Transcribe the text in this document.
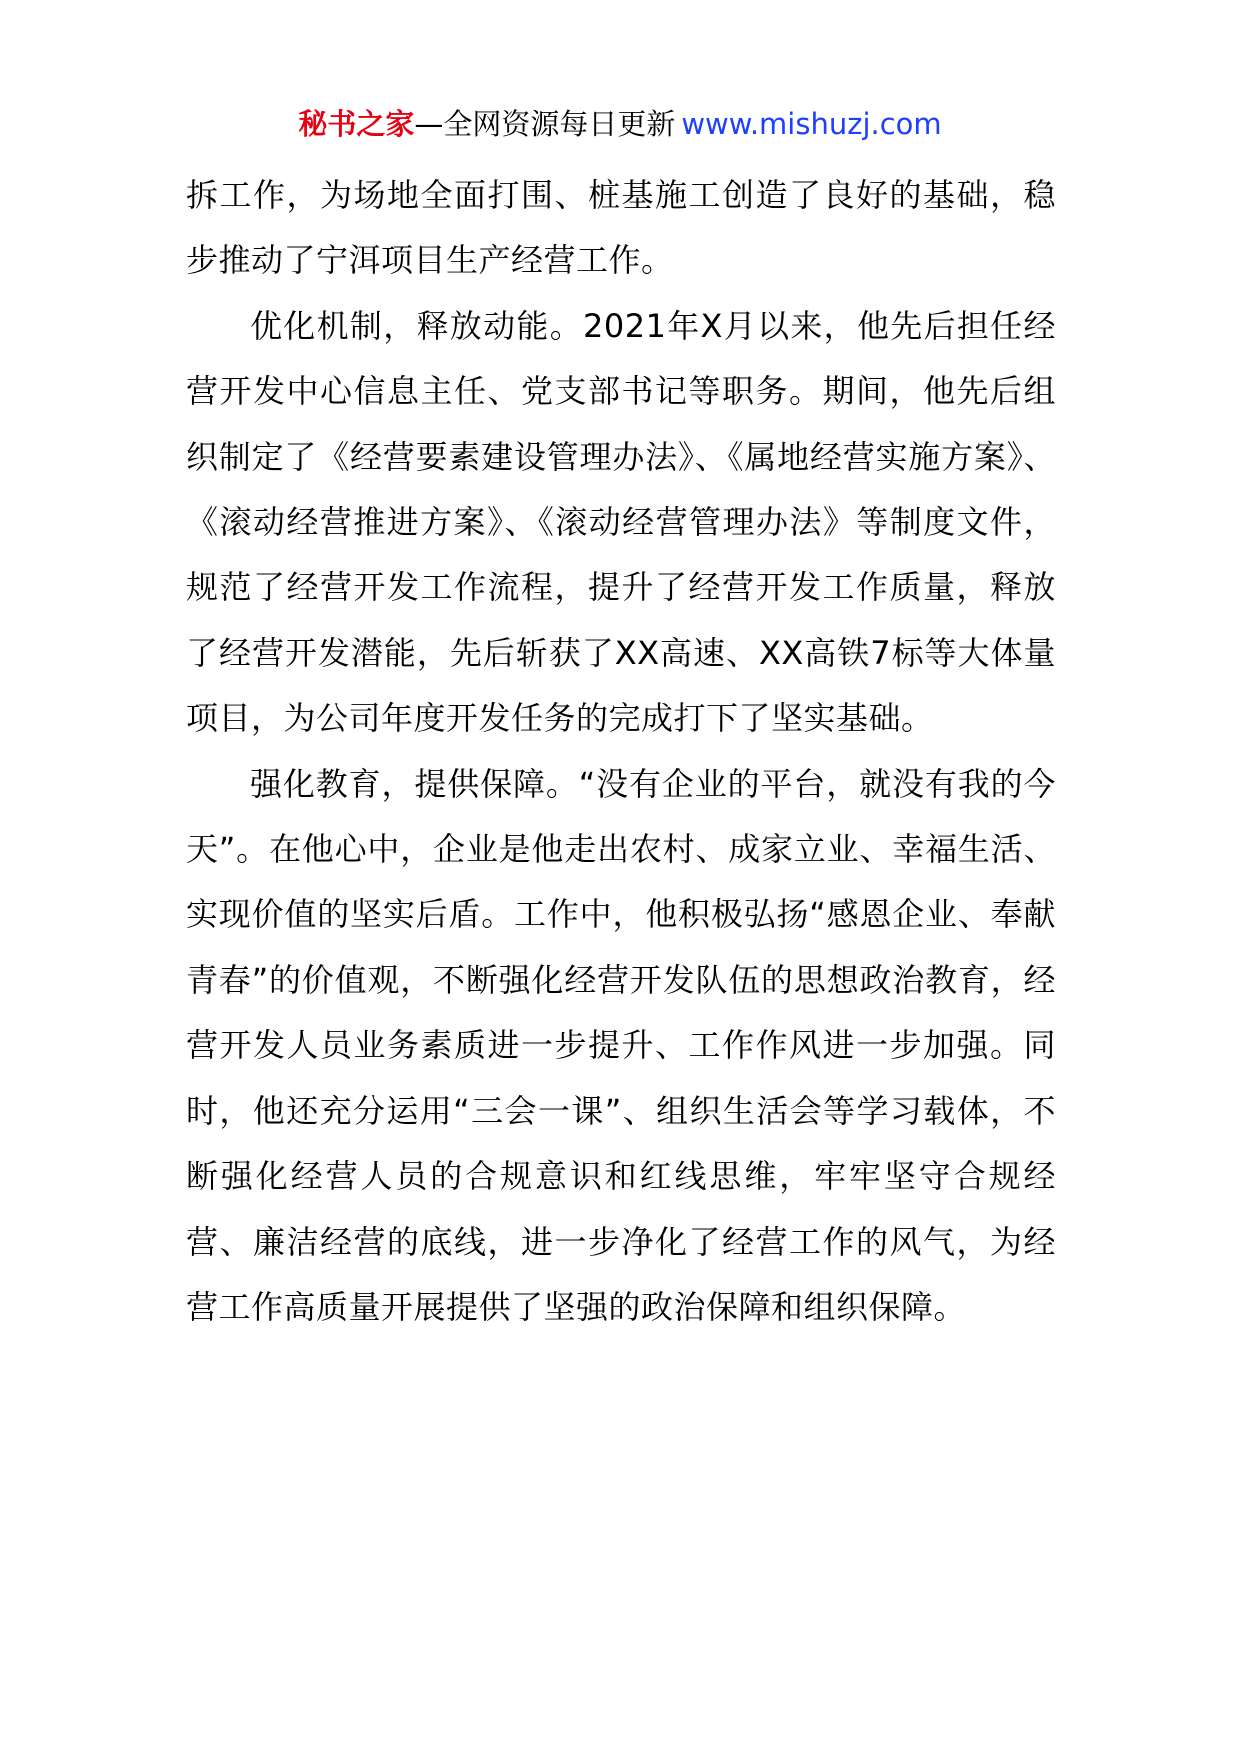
秘书之家—全网资源每日更新 www.mishuzj.com

拆工作，为场地全面打围、桩基施工创造了良好的基础，稳步推动了宁洱项目生产经营工作。

优化机制，释放动能。2021年X月以来，他先后担任经营开发中心信息主任、党支部书记等职务。期间，他先后组织制定了《经营要素建设管理办法》、《属地经营实施方案》、《滚动经营推进方案》、《滚动经营管理办法》等制度文件，规范了经营开发工作流程，提升了经营开发工作质量，释放了经营开发潜能，先后斩获了XX高速、XX高铁7标等大体量项目，为公司年度开发任务的完成打下了坚实基础。

强化教育，提供保障。“没有企业的平台，就没有我的今天”。在他心中，企业是他走出农村、成家立业、幸福生活、实现价值的坚实后盾。工作中，他积极弘扬“感恩企业、奉献青春”的价值观，不断强化经营开发队伍的思想政治教育，经营开发人员业务素质进一步提升、工作作风进一步加强。同时，他还充分运用“三会一课”、组织生活会等学习载体，不断强化经营人员的合规意识和红线思维，牢牢坚守合规经营、廉洁经营的底线，进一步净化了经营工作的风气，为经营工作高质量开展提供了坚强的政治保障和组织保障。
